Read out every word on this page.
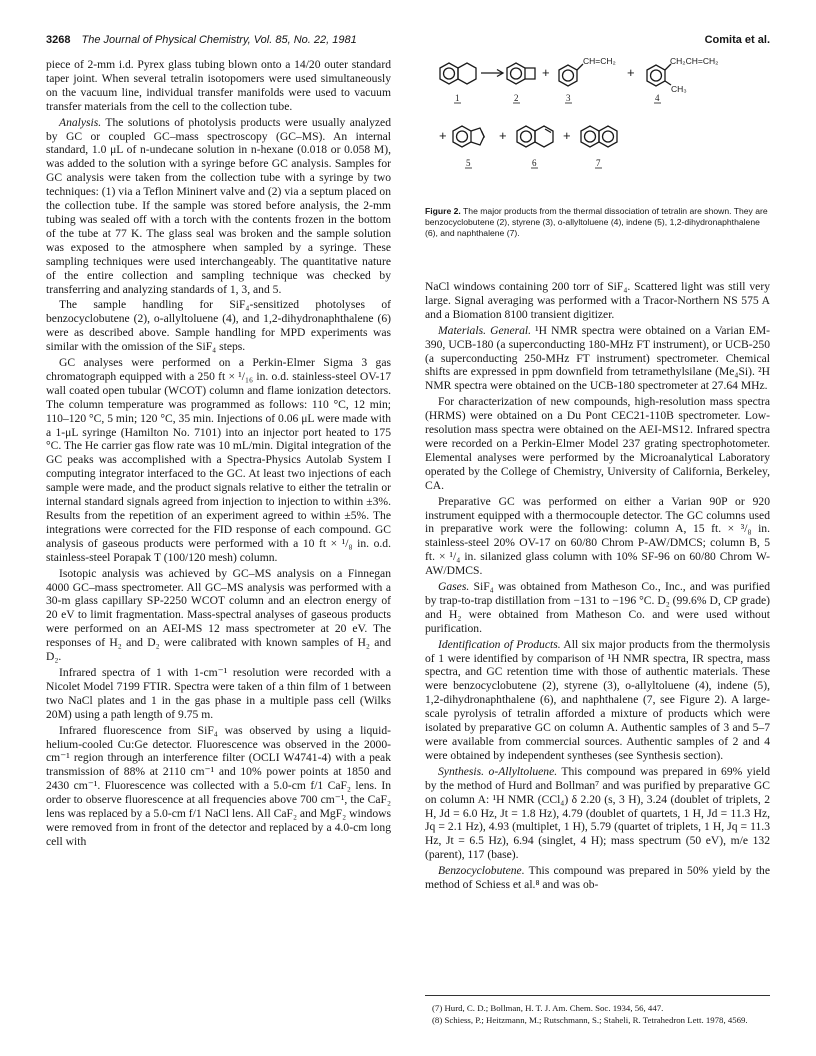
3268 The Journal of Physical Chemistry, Vol. 85, No. 22, 1981	Comita et al.

piece of 2-mm i.d. Pyrex glass tubing blown onto a 14/20 outer standard taper joint. When several tetralin isotopomers were used simultaneously on the vacuum line, individual transfer manifolds were used to vacuum transfer materials from the cell to the collection tube.

Analysis. The solutions of photolysis products were usually analyzed by GC or coupled GC–mass spectroscopy (GC–MS). An internal standard, 1.0 μL of n-undecane solution in n-hexane (0.018 or 0.058 M), was added to the solution with a syringe before GC analysis. Samples for GC analysis were taken from the collection tube with a syringe by two techniques: (1) via a Teflon Mininert valve and (2) via a septum placed on the collection tube. If the sample was stored before analysis, the 2-mm tubing was sealed off with a torch with the contents frozen in the bottom of the tube at 77 K. The glass seal was broken and the sample solution was exposed to the atmosphere when sampled by a syringe. These sampling techniques were used interchangeably. The quantitative nature of the entire collection and sampling technique was checked by transferring and analyzing standards of 1, 3, and 5.

The sample handling for SiF₄-sensitized photolyses of benzocyclobutene (2), o-allyltoluene (4), and 1,2-dihydronaphthalene (6) were as described above. Sample handling for MPD experiments was similar with the omission of the SiF₄ steps.

GC analyses were performed on a Perkin-Elmer Sigma 3 gas chromatograph equipped with a 250 ft × ¹/₁₆ in. o.d. stainless-steel OV-17 wall coated open tubular (WCOT) column and flame ionization detectors. The column temperature was programmed as follows: 110 °C, 12 min; 110–120 °C, 5 min; 120 °C, 35 min. Injections of 0.06 μL were made with a 1-μL syringe (Hamilton No. 7101) into an injector port heated to 175 °C. The He carrier gas flow rate was 10 mL/min. Digital integration of the GC peaks was accomplished with a Spectra-Physics Autolab System I computing integrator interfaced to the GC. At least two injections of each sample were made, and the product signals relative to either the tetralin or internal standard signals agreed from injection to injection to within ±3%. Results from the repetition of an experiment agreed to within ±5%. The integrations were corrected for the FID response of each compound. GC analysis of gaseous products were performed with a 10 ft × ¹/₈ in. o.d. stainless-steel Porapak T (100/120 mesh) column.

Isotopic analysis was achieved by GC–MS analysis on a Finnegan 4000 GC–mass spectrometer. All GC–MS analysis was performed with a 30-m glass capillary SP-2250 WCOT column and an electron energy of 20 eV to limit fragmentation. Mass-spectral analyses of gaseous products were performed on an AEI-MS 12 mass spectrometer at 20 eV. The responses of H₂ and D₂ were calibrated with known samples of H₂ and D₂.

Infrared spectra of 1 with 1-cm⁻¹ resolution were recorded with a Nicolet Model 7199 FTIR. Spectra were taken of a thin film of 1 between two NaCl plates and 1 in the gas phase in a multiple pass cell (Wilks 20M) using a path length of 9.75 m.

Infrared fluorescence from SiF₄ was observed by using a liquid-helium-cooled Cu:Ge detector. Fluorescence was observed in the 2000-cm⁻¹ region through an interference filter (OCLI W4741-4) with a peak transmission of 88% at 2110 cm⁻¹ and 10% power points at 1850 and 2430 cm⁻¹. Fluorescence was collected with a 5.0-cm f/1 CaF₂ lens. In order to observe fluorescence at all frequencies above 700 cm⁻¹, the CaF₂ lens was replaced by a 5.0-cm f/1 NaCl lens. All CaF₂ and MgF₂ windows were removed from in front of the detector and replaced by a 4.0-cm long cell with

+
CH=CH₂
+
CH₂CH=CH₂
CH₃
1	2	3	4
+	+	+
5	6	7
Figure 2. The major products from the thermal dissociation of tetralin are shown. They are benzocyclobutene (2), styrene (3), o-allyltoluene (4), indene (5), 1,2-dihydronaphthalene (6), and naphthalene (7).

NaCl windows containing 200 torr of SiF₄. Scattered light was still very large. Signal averaging was performed with a Tracor-Northern NS 575 A and a Biomation 8100 transient digitizer.

Materials. General. ¹H NMR spectra were obtained on a Varian EM-390, UCB-180 (a superconducting 180-MHz FT instrument), or UCB-250 (a superconducting 250-MHz FT instrument) spectrometer. Chemical shifts are expressed in ppm downfield from tetramethylsilane (Me₄Si). ²H NMR spectra were obtained on the UCB-180 spectrometer at 27.64 MHz.

For characterization of new compounds, high-resolution mass spectra (HRMS) were obtained on a Du Pont CEC21-110B spectrometer. Low-resolution mass spectra were obtained on the AEI-MS12. Infrared spectra were recorded on a Perkin-Elmer Model 237 grating spectrophotometer. Elemental analyses were performed by the Microanalytical Laboratory operated by the College of Chemistry, University of California, Berkeley, CA.

Preparative GC was performed on either a Varian 90P or 920 instrument equipped with a thermocouple detector. The GC columns used in preparative work were the following: column A, 15 ft. × ³/₈ in. stainless-steel 20% OV-17 on 60/80 Chrom P-AW/DMCS; column B, 5 ft. × ¹/₄ in. silanized glass column with 10% SF-96 on 60/80 Chrom W-AW/DMCS.

Gases. SiF₄ was obtained from Matheson Co., Inc., and was purified by trap-to-trap distillation from −131 to −196 °C. D₂ (99.6% D, CP grade) and H₂ were obtained from Matheson Co. and were used without purification.

Identification of Products. All six major products from the thermolysis of 1 were identified by comparison of ¹H NMR spectra, IR spectra, mass spectra, and GC retention time with those of authentic materials. These were benzocyclobutene (2), styrene (3), o-allyltoluene (4), indene (5), 1,2-dihydronaphthalene (6), and naphthalene (7, see Figure 2). A large-scale pyrolysis of tetralin afforded a mixture of products which were isolated by preparative GC on column A. Authentic samples of 3 and 5–7 were available from commercial sources. Authentic samples of 2 and 4 were obtained by independent syntheses (see Synthesis section).

Synthesis. o-Allyltoluene. This compound was prepared in 69% yield by the method of Hurd and Bollman⁷ and was purified by preparative GC on column A: ¹H NMR (CCl₄) δ 2.20 (s, 3 H), 3.24 (doublet of triplets, 2 H, Jd = 6.0 Hz, Jt = 1.8 Hz), 4.79 (doublet of quartets, 1 H, Jd = 11.3 Hz, Jq = 2.1 Hz), 4.93 (multiplet, 1 H), 5.79 (quartet of triplets, 1 H, Jq = 11.3 Hz, Jt = 6.5 Hz), 6.94 (singlet, 4 H); mass spectrum (50 eV), m/e 132 (parent), 117 (base).

Benzocyclobutene. This compound was prepared in 50% yield by the method of Schiess et al.⁸ and was ob-

(7) Hurd, C. D.; Bollman, H. T. J. Am. Chem. Soc. 1934, 56, 447.
(8) Schiess, P.; Heitzmann, M.; Rutschmann, S.; Staheli, R. Tetrahedron Lett. 1978, 4569.
